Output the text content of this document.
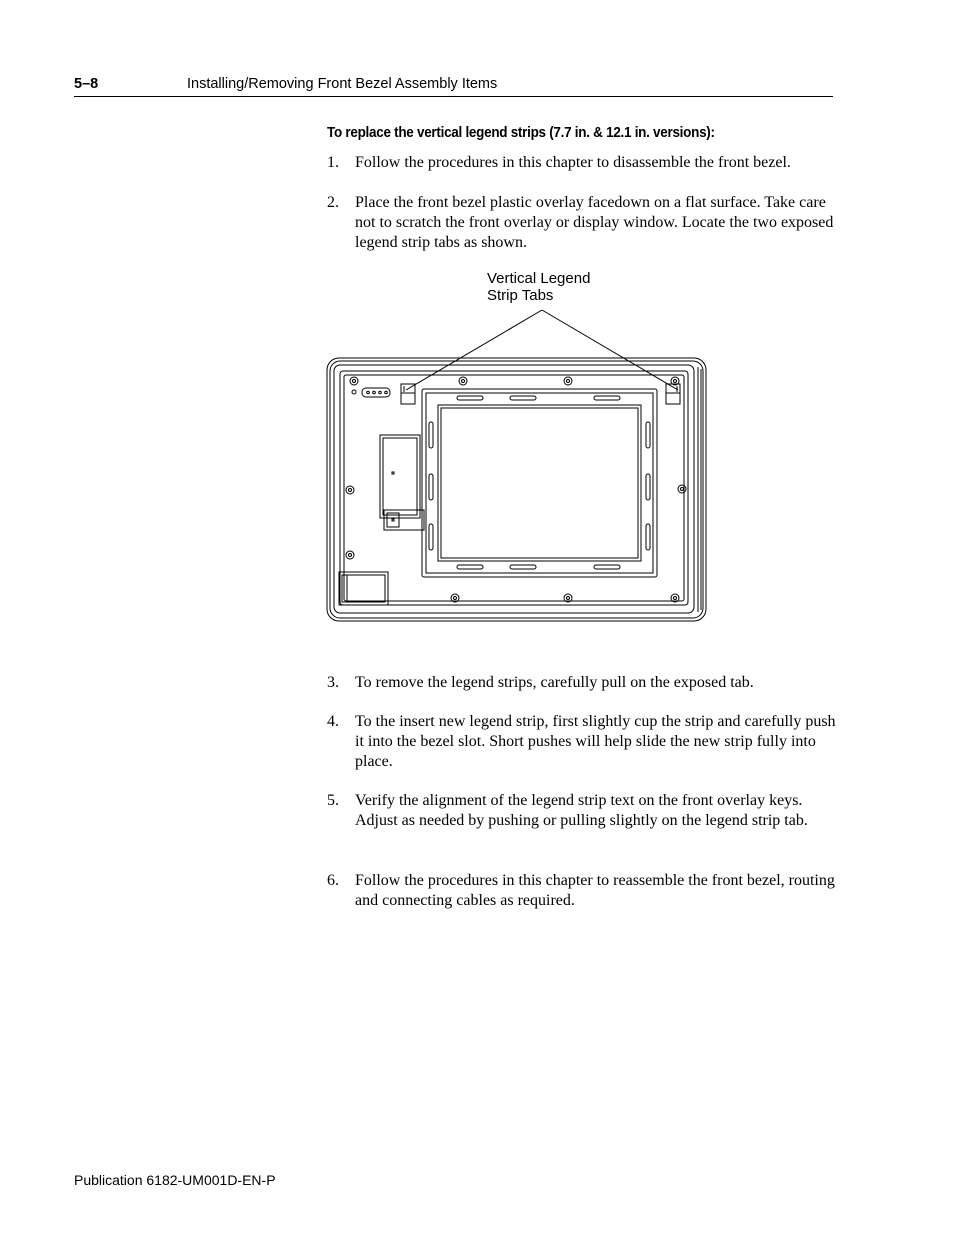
5–8	Installing/Removing Front Bezel Assembly Items
To replace the vertical legend strips (7.7 in. & 12.1 in. versions):
1. Follow the procedures in this chapter to disassemble the front bezel.
2. Place the front bezel plastic overlay facedown on a flat surface. Take care not to scratch the front overlay or display window. Locate the two exposed legend strip tabs as shown.
Vertical Legend
Strip Tabs
3. To remove the legend strips, carefully pull on the exposed tab.
4. To the insert new legend strip, first slightly cup the strip and carefully push it into the bezel slot. Short pushes will help slide the new strip fully into place.
5. Verify the alignment of the legend strip text on the front overlay keys. Adjust as needed by pushing or pulling slightly on the legend strip tab.
6. Follow the procedures in this chapter to reassemble the front bezel, routing and connecting cables as required.
Publication 6182-UM001D-EN-P
